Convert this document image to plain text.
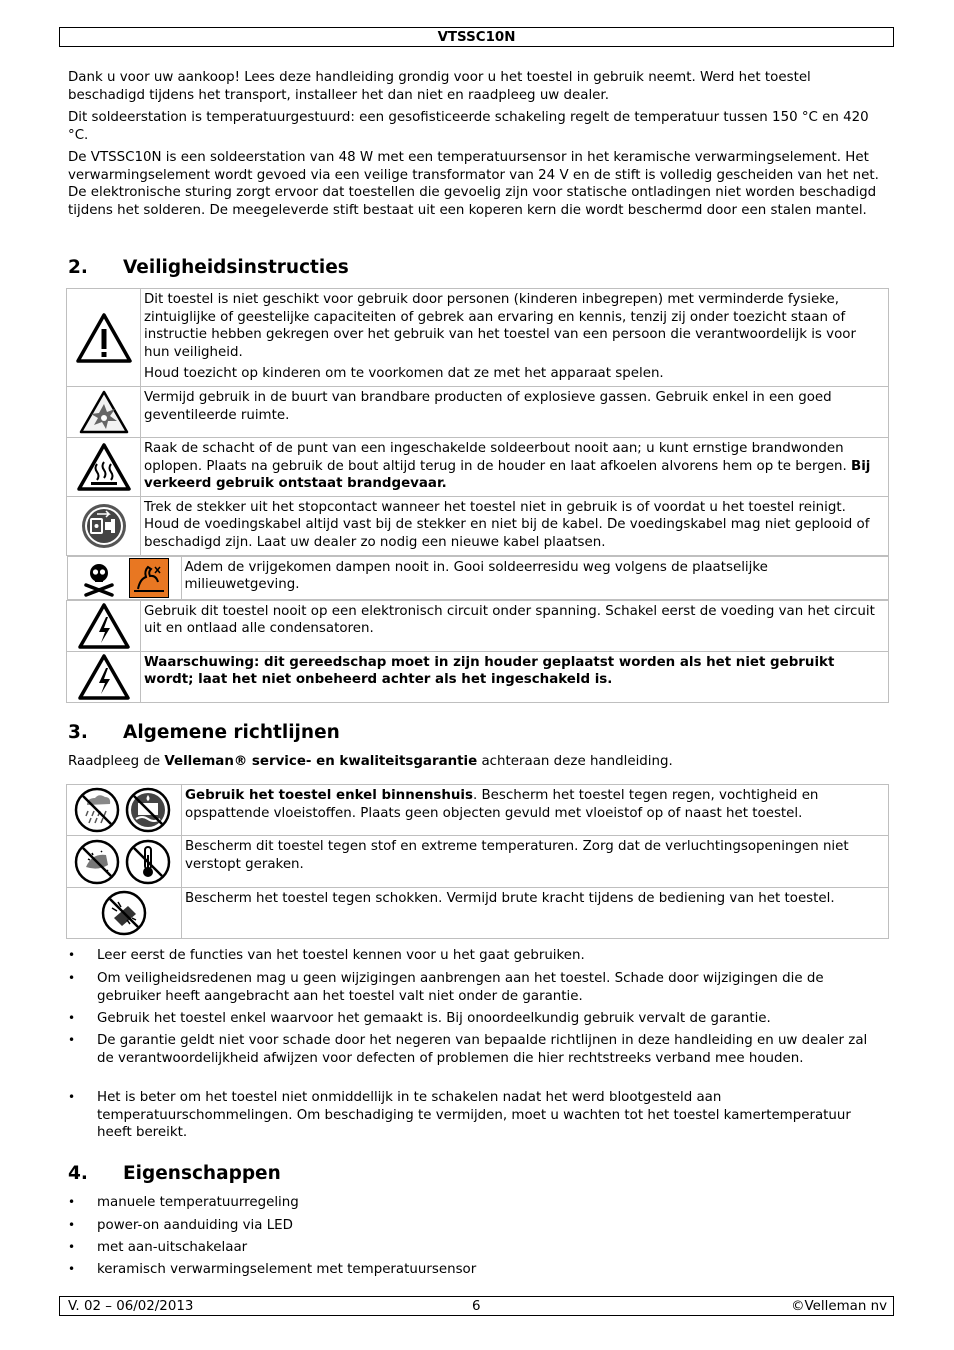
VTSSC10N

Dank u voor uw aankoop! Lees deze handleiding grondig voor u het toestel in gebruik neemt. Werd het toestel beschadigd tijdens het transport, installeer het dan niet en raadpleeg uw dealer.

Dit soldeerstation is temperatuurgestuurd: een gesofisticeerde schakeling regelt de temperatuur tussen 150 °C en 420 °C.

De VTSSC10N is een soldeerstation van 48 W met een temperatuursensor in het keramische verwarmingselement. Het verwarmingselement wordt gevoed via een veilige transformator van 24 V en de stift is volledig gescheiden van het net. De elektronische sturing zorgt ervoor dat toestellen die gevoelig zijn voor statische ontladingen niet worden beschadigd tijdens het solderen. De meegeleverde stift bestaat uit een koperen kern die wordt beschermd door een stalen mantel.

2. Veiligheidsinstructies

Dit toestel is niet geschikt voor gebruik door personen (kinderen inbegrepen) met verminderde fysieke, zintuiglijke of geestelijke capaciteiten of gebrek aan ervaring en kennis, tenzij zij onder toezicht staan of instructie hebben gekregen over het gebruik van het toestel van een persoon die verantwoordelijk is voor hun veiligheid.

Houd toezicht op kinderen om te voorkomen dat ze met het apparaat spelen.

Vermijd gebruik in de buurt van brandbare producten of explosieve gassen. Gebruik enkel in een goed geventileerde ruimte.

	Raak de schacht of de punt van een ingeschakelde soldeerbout nooit aan; u kunt ernstige brandwonden oplopen. Plaats na gebruik de bout altijd terug in de houder en laat afkoelen alvorens hem op te bergen. Bij verkeerd gebruik ontstaat brandgevaar.

Trek de stekker uit het stopcontact wanneer het toestel niet in gebruik is of voordat u het toestel reinigt. Houd de voedingskabel altijd vast bij de stekker en niet bij de kabel. De voedingskabel mag niet geplooid of beschadigd zijn. Laat uw dealer zo nodig een nieuwe kabel plaatsen.

Adem de vrijgekomen dampen nooit in. Gooi soldeerresidu weg volgens de plaatselijke milieuwetgeving.	

Gebruik dit toestel nooit op een elektronisch circuit onder spanning. Schakel eerst de voeding van het circuit uit en ontlaad alle condensatoren.

	Waarschuwing: dit gereedschap moet in zijn houder geplaatst worden als het niet gebruikt wordt; laat het niet onbeheerd achter als het ingeschakeld is.
3. Algemene richtlijnen

Raadpleeg de Velleman® service- en kwaliteitsgarantie achteraan deze handleiding.

	Gebruik het toestel enkel binnenshuis. Bescherm het toestel tegen regen, vochtigheid en opspattende vloeistoffen. Plaats geen objecten gevuld met vloeistof op of naast het toestel.
	Bescherm dit toestel tegen stof en extreme temperaturen. Zorg dat de verluchtingsopeningen niet verstopt geraken.
	Bescherm het toestel tegen schokken. Vermijd brute kracht tijdens de bediening van het toestel.
• Leer eerst de functies van het toestel kennen voor u het gaat gebruiken.
• Om veiligheidsredenen mag u geen wijzigingen aanbrengen aan het toestel. Schade door wijzigingen die de gebruiker heeft aangebracht aan het toestel valt niet onder de garantie.
• Gebruik het toestel enkel waarvoor het gemaakt is. Bij onoordeelkundig gebruik vervalt de garantie.
• De garantie geldt niet voor schade door het negeren van bepaalde richtlijnen in deze handleiding en uw dealer zal de verantwoordelijkheid afwijzen voor defecten of problemen die hier rechtstreeks verband mee houden.
• Het is beter om het toestel niet onmiddellijk in te schakelen nadat het werd blootgesteld aan temperatuurschommelingen. Om beschadiging te vermijden, moet u wachten tot het toestel kamertemperatuur heeft bereikt.
4. Eigenschappen
• manuele temperatuurregeling
• power-on aanduiding via LED
• met aan-uitschakelaar
• keramisch verwarmingselement met temperatuursensor
V. 02 – 06/02/2013	6	©Velleman nv
